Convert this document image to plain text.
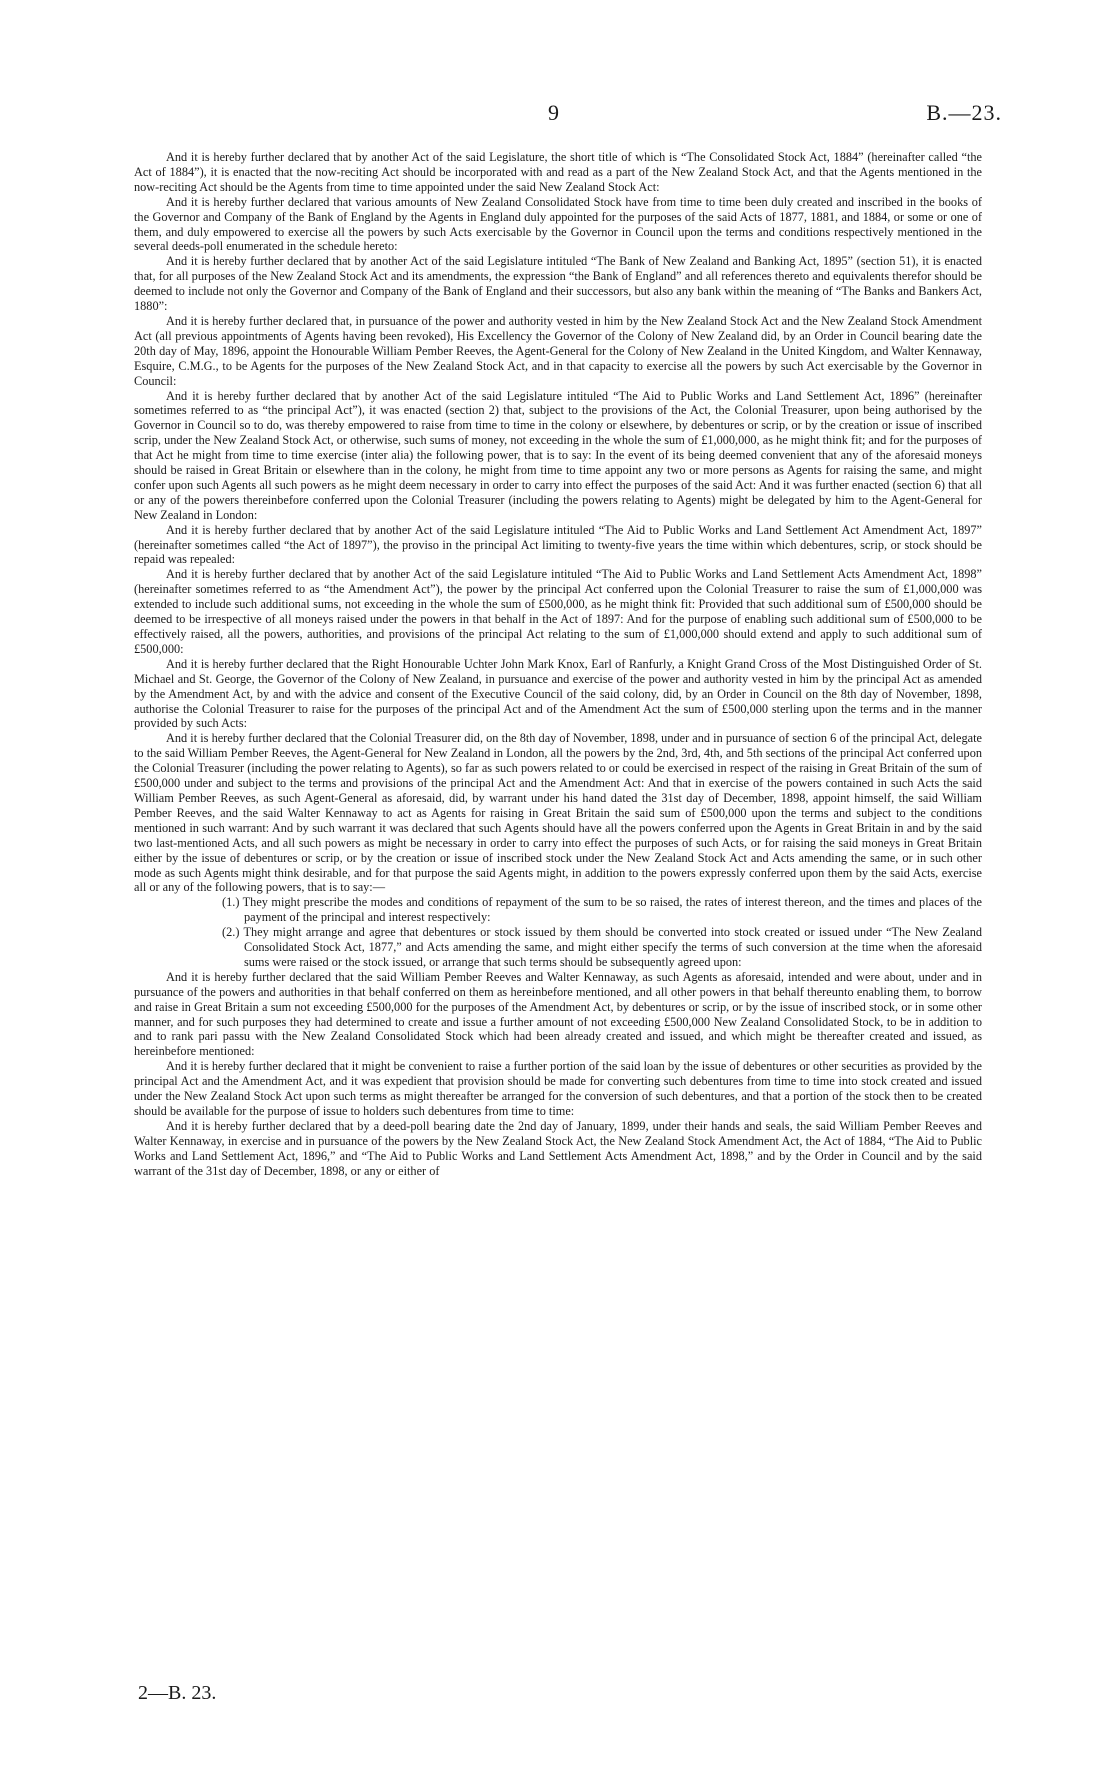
9	B.—23.

And it is hereby further declared that by another Act of the said Legislature, the short title of which is “The Consolidated Stock Act, 1884” (hereinafter called “the Act of 1884”), it is enacted that the now-reciting Act should be incorporated with and read as a part of the New Zealand Stock Act, and that the Agents mentioned in the now-reciting Act should be the Agents from time to time appointed under the said New Zealand Stock Act:

And it is hereby further declared that various amounts of New Zealand Consolidated Stock have from time to time been duly created and inscribed in the books of the Governor and Company of the Bank of England by the Agents in England duly appointed for the purposes of the said Acts of 1877, 1881, and 1884, or some or one of them, and duly empowered to exercise all the powers by such Acts exercisable by the Governor in Council upon the terms and conditions respectively mentioned in the several deeds-poll enumerated in the schedule hereto:

And it is hereby further declared that by another Act of the said Legislature intituled “The Bank of New Zealand and Banking Act, 1895” (section 51), it is enacted that, for all purposes of the New Zealand Stock Act and its amendments, the expression “the Bank of England” and all references thereto and equivalents therefor should be deemed to include not only the Governor and Company of the Bank of England and their successors, but also any bank within the meaning of “The Banks and Bankers Act, 1880”:

And it is hereby further declared that, in pursuance of the power and authority vested in him by the New Zealand Stock Act and the New Zealand Stock Amendment Act (all previous appointments of Agents having been revoked), His Excellency the Governor of the Colony of New Zealand did, by an Order in Council bearing date the 20th day of May, 1896, appoint the Honourable William Pember Reeves, the Agent-General for the Colony of New Zealand in the United Kingdom, and Walter Kennaway, Esquire, C.M.G., to be Agents for the purposes of the New Zealand Stock Act, and in that capacity to exercise all the powers by such Act exercisable by the Governor in Council:

And it is hereby further declared that by another Act of the said Legislature intituled “The Aid to Public Works and Land Settlement Act, 1896” (hereinafter sometimes referred to as “the principal Act”), it was enacted (section 2) that, subject to the provisions of the Act, the Colonial Treasurer, upon being authorised by the Governor in Council so to do, was thereby empowered to raise from time to time in the colony or elsewhere, by debentures or scrip, or by the creation or issue of inscribed scrip, under the New Zealand Stock Act, or otherwise, such sums of money, not exceeding in the whole the sum of £1,000,000, as he might think fit; and for the purposes of that Act he might from time to time exercise (inter alia) the following power, that is to say: In the event of its being deemed convenient that any of the aforesaid moneys should be raised in Great Britain or elsewhere than in the colony, he might from time to time appoint any two or more persons as Agents for raising the same, and might confer upon such Agents all such powers as he might deem necessary in order to carry into effect the purposes of the said Act: And it was further enacted (section 6) that all or any of the powers thereinbefore conferred upon the Colonial Treasurer (including the powers relating to Agents) might be delegated by him to the Agent-General for New Zealand in London:

And it is hereby further declared that by another Act of the said Legislature intituled “The Aid to Public Works and Land Settlement Act Amendment Act, 1897” (hereinafter sometimes called “the Act of 1897”), the proviso in the principal Act limiting to twenty-five years the time within which debentures, scrip, or stock should be repaid was repealed:

And it is hereby further declared that by another Act of the said Legislature intituled “The Aid to Public Works and Land Settlement Acts Amendment Act, 1898” (hereinafter sometimes referred to as “the Amendment Act”), the power by the principal Act conferred upon the Colonial Treasurer to raise the sum of £1,000,000 was extended to include such additional sums, not exceeding in the whole the sum of £500,000, as he might think fit: Provided that such additional sum of £500,000 should be deemed to be irrespective of all moneys raised under the powers in that behalf in the Act of 1897: And for the purpose of enabling such additional sum of £500,000 to be effectively raised, all the powers, authorities, and provisions of the principal Act relating to the sum of £1,000,000 should extend and apply to such additional sum of £500,000:

And it is hereby further declared that the Right Honourable Uchter John Mark Knox, Earl of Ranfurly, a Knight Grand Cross of the Most Distinguished Order of St. Michael and St. George, the Governor of the Colony of New Zealand, in pursuance and exercise of the power and authority vested in him by the principal Act as amended by the Amendment Act, by and with the advice and consent of the Executive Council of the said colony, did, by an Order in Council on the 8th day of November, 1898, authorise the Colonial Treasurer to raise for the purposes of the principal Act and of the Amendment Act the sum of £500,000 sterling upon the terms and in the manner provided by such Acts:

And it is hereby further declared that the Colonial Treasurer did, on the 8th day of November, 1898, under and in pursuance of section 6 of the principal Act, delegate to the said William Pember Reeves, the Agent-General for New Zealand in London, all the powers by the 2nd, 3rd, 4th, and 5th sections of the principal Act conferred upon the Colonial Treasurer (including the power relating to Agents), so far as such powers related to or could be exercised in respect of the raising in Great Britain of the sum of £500,000 under and subject to the terms and provisions of the principal Act and the Amendment Act: And that in exercise of the powers contained in such Acts the said William Pember Reeves, as such Agent-General as aforesaid, did, by warrant under his hand dated the 31st day of December, 1898, appoint himself, the said William Pember Reeves, and the said Walter Kennaway to act as Agents for raising in Great Britain the said sum of £500,000 upon the terms and subject to the conditions mentioned in such warrant: And by such warrant it was declared that such Agents should have all the powers conferred upon the Agents in Great Britain in and by the said two last-mentioned Acts, and all such powers as might be necessary in order to carry into effect the purposes of such Acts, or for raising the said moneys in Great Britain either by the issue of debentures or scrip, or by the creation or issue of inscribed stock under the New Zealand Stock Act and Acts amending the same, or in such other mode as such Agents might think desirable, and for that purpose the said Agents might, in addition to the powers expressly conferred upon them by the said Acts, exercise all or any of the following powers, that is to say:—

(1.) They might prescribe the modes and conditions of repayment of the sum to be so raised, the rates of interest thereon, and the times and places of the payment of the principal and interest respectively:

(2.) They might arrange and agree that debentures or stock issued by them should be converted into stock created or issued under “The New Zealand Consolidated Stock Act, 1877,” and Acts amending the same, and might either specify the terms of such conversion at the time when the aforesaid sums were raised or the stock issued, or arrange that such terms should be subsequently agreed upon:

And it is hereby further declared that the said William Pember Reeves and Walter Kennaway, as such Agents as aforesaid, intended and were about, under and in pursuance of the powers and authorities in that behalf conferred on them as hereinbefore mentioned, and all other powers in that behalf thereunto enabling them, to borrow and raise in Great Britain a sum not exceeding £500,000 for the purposes of the Amendment Act, by debentures or scrip, or by the issue of inscribed stock, or in some other manner, and for such purposes they had determined to create and issue a further amount of not exceeding £500,000 New Zealand Consolidated Stock, to be in addition to and to rank pari passu with the New Zealand Consolidated Stock which had been already created and issued, and which might be thereafter created and issued, as hereinbefore mentioned:

And it is hereby further declared that it might be convenient to raise a further portion of the said loan by the issue of debentures or other securities as provided by the principal Act and the Amendment Act, and it was expedient that provision should be made for converting such debentures from time to time into stock created and issued under the New Zealand Stock Act upon such terms as might thereafter be arranged for the conversion of such debentures, and that a portion of the stock then to be created should be available for the purpose of issue to holders such debentures from time to time:

And it is hereby further declared that by a deed-poll bearing date the 2nd day of January, 1899, under their hands and seals, the said William Pember Reeves and Walter Kennaway, in exercise and in pursuance of the powers by the New Zealand Stock Act, the New Zealand Stock Amendment Act, the Act of 1884, “The Aid to Public Works and Land Settlement Act, 1896,” and “The Aid to Public Works and Land Settlement Acts Amendment Act, 1898,” and by the Order in Council and by the said warrant of the 31st day of December, 1898, or any or either of

2—B. 23.
